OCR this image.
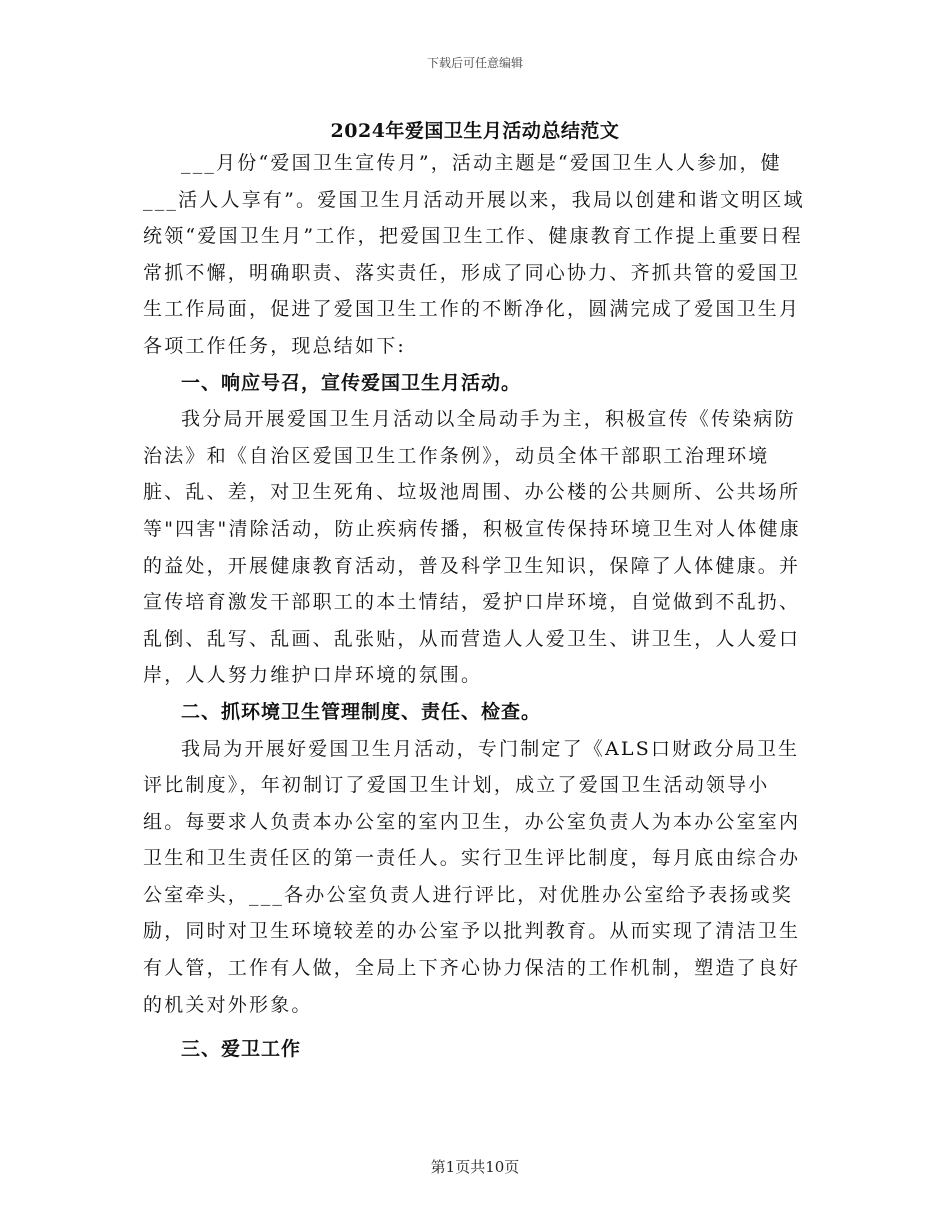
下载后可任意编辑
2024年爱国卫生月活动总结范文

___月份“爱国卫生宣传月”，活动主题是“爱国卫生人人参加，健___活人人享有”。爱国卫生月活动开展以来，我局以创建和谐文明区域统领“爱国卫生月”工作，把爱国卫生工作、健康教育工作提上重要日程常抓不懈，明确职责、落实责任，形成了同心协力、齐抓共管的爱国卫生工作局面，促进了爱国卫生工作的不断净化，圆满完成了爱国卫生月各项工作任务，现总结如下:

一、响应号召，宣传爱国卫生月活动。

我分局开展爱国卫生月活动以全局动手为主，积极宣传《传染病防治法》和《自治区爱国卫生工作条例》，动员全体干部职工治理环境脏、乱、差，对卫生死角、垃圾池周围、办公楼的公共厕所、公共场所等"四害"清除活动，防止疾病传播，积极宣传保持环境卫生对人体健康的益处，开展健康教育活动，普及科学卫生知识，保障了人体健康。并宣传培育激发干部职工的本土情结，爱护口岸环境，自觉做到不乱扔、乱倒、乱写、乱画、乱张贴，从而营造人人爱卫生、讲卫生，人人爱口岸，人人努力维护口岸环境的氛围。

二、抓环境卫生管理制度、责任、检查。

我局为开展好爱国卫生月活动，专门制定了《ALS口财政分局卫生评比制度》，年初制订了爱国卫生计划，成立了爱国卫生活动领导小组。每要求人负责本办公室的室内卫生，办公室负责人为本办公室室内卫生和卫生责任区的第一责任人。实行卫生评比制度，每月底由综合办公室牵头，___各办公室负责人进行评比，对优胜办公室给予表扬或奖励，同时对卫生环境较差的办公室予以批判教育。从而实现了清洁卫生有人管，工作有人做，全局上下齐心协力保洁的工作机制，塑造了良好的机关对外形象。

三、爱卫工作
第1页共10页
